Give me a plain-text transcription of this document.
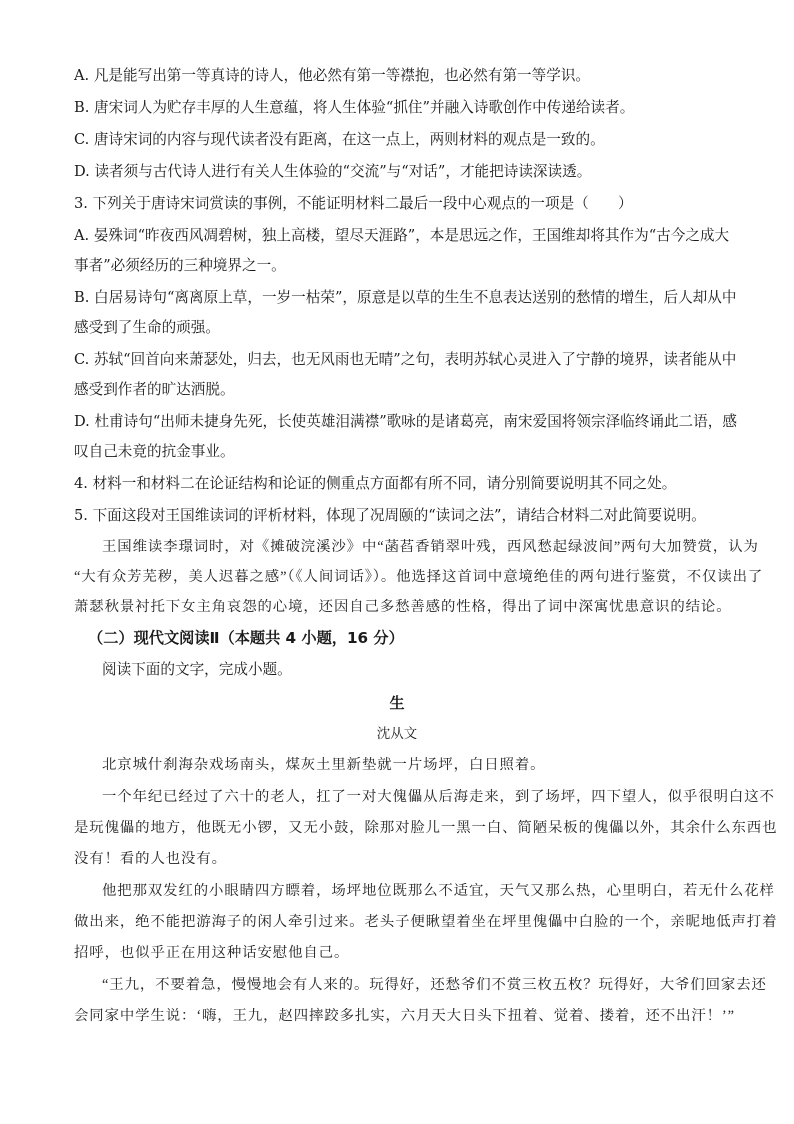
A. 凡是能写出第一等真诗的诗人，他必然有第一等襟抱，也必然有第一等学识。
B. 唐宋词人为贮存丰厚的人生意蕴，将人生体验“抓住”并融入诗歌创作中传递给读者。
C. 唐诗宋词的内容与现代读者没有距离，在这一点上，两则材料的观点是一致的。
D. 读者须与古代诗人进行有关人生体验的“交流”与“对话”，才能把诗读深读透。
3. 下列关于唐诗宋词赏读的事例，不能证明材料二最后一段中心观点的一项是（　　）
A. 晏殊词“昨夜西风凋碧树，独上高楼，望尽天涯路”，本是思远之作，王国维却将其作为“古今之成大
事者”必须经历的三种境界之一。
B. 白居易诗句“离离原上草，一岁一枯荣”，原意是以草的生生不息表达送别的愁情的增生，后人却从中
感受到了生命的顽强。
C. 苏轼“回首向来萧瑟处，归去，也无风雨也无晴”之句，表明苏轼心灵进入了宁静的境界，读者能从中
感受到作者的旷达洒脱。
D. 杜甫诗句“出师未捷身先死，长使英雄泪满襟”歌咏的是诸葛亮，南宋爱国将领宗泽临终诵此二语，感
叹自己未竟的抗金事业。
4. 材料一和材料二在论证结构和论证的侧重点方面都有所不同，请分别简要说明其不同之处。
5. 下面这段对王国维读词的评析材料，体现了况周颐的“读词之法”，请结合材料二对此简要说明。
王国维读李璟词时，对《摊破浣溪沙》中“菡萏香销翠叶残，西风愁起绿波间”两句大加赞赏，认为
“大有众芳芜秽，美人迟暮之感”（《人间词话》）。他选择这首词中意境绝佳的两句进行鉴赏，不仅读出了
萧瑟秋景衬托下女主角哀怨的心境，还因自己多愁善感的性格，得出了词中深寓忧患意识的结论。
（二）现代文阅读Ⅱ（本题共 4 小题，16 分）
阅读下面的文字，完成小题。
生
沈从文
北京城什刹海杂戏场南头，煤灰土里新垫就一片场坪，白日照着。
一个年纪已经过了六十的老人，扛了一对大傀儡从后海走来，到了场坪，四下望人，似乎很明白这不
是玩傀儡的地方，他既无小锣，又无小鼓，除那对脸儿一黑一白、简陋呆板的傀儡以外，其余什么东西也
没有！看的人也没有。
他把那双发红的小眼睛四方瞟着，场坪地位既那么不适宜，天气又那么热，心里明白，若无什么花样
做出来，绝不能把游海子的闲人牵引过来。老头子便瞅望着坐在坪里傀儡中白脸的一个，亲昵地低声打着
招呼，也似乎正在用这种话安慰他自己。
“王九，不要着急，慢慢地会有人来的。玩得好，还愁爷们不赏三枚五枚？玩得好，大爷们回家去还
会同家中学生说：‘嗨，王九，赵四摔跤多扎实，六月天大日头下扭着、觉着、搂着，还不出汗！’”
